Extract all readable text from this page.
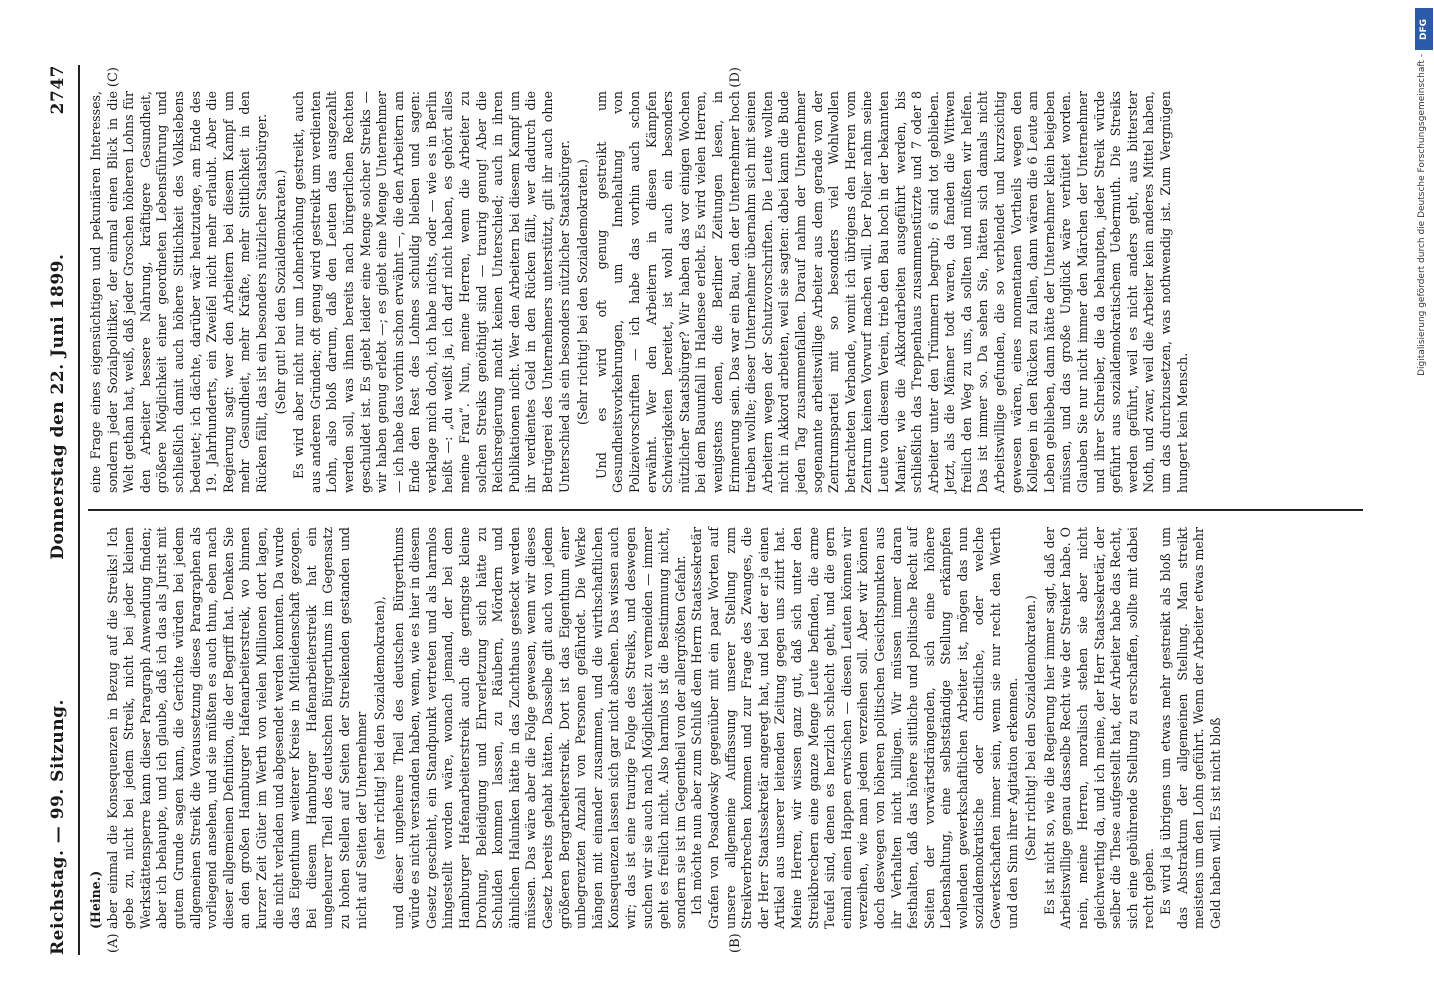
Reichstag. — 99. Sitzung.
Donnerstag den 22. Juni 1899.
2747
(A)	(B)
(Heine.) aber einmal die Konsequenzen in Bezug auf die Streiks! Ich gebe zu, nicht bei jedem Streik, nicht bei jeder kleinen Werkstättensperre kann dieser Paragraph Anwendung finden; aber ich behaupte, und ich glaube, daß ich das als Jurist mit gutem Grunde sagen kann, die Gerichte würden bei jedem allgemeinen Streik die Voraussetzung dieses Paragraphen als vorliegend ansehen, und sie müßten es auch thun, eben nach dieser allgemeinen Definition, die der Begriff hat. Denken Sie an den großen Hamburger Hafenarbeiterstreik, wo binnen kurzer Zeit Güter im Werth von vielen Millionen dort lagen, die nicht verladen und abgesendet werden konnten. Da wurde das Eigenthum weiterer Kreise in Mitleidenschaft gezogen. Bei diesem Hamburger Hafenarbeiterstreik hat ein ungeheurer Theil des deutschen Bürgerthums im Gegensatz zu hohen Stellen auf Seiten der Streikenden gestanden und nicht auf Seiten der Unternehmer (sehr richtig! bei den Sozialdemokraten), und dieser ungeheure Theil des deutschen Bürgerthums würde es nicht verstanden haben, wenn, wie es hier in diesem Gesetz geschieht, ein Standpunkt vertreten und als harmlos hingestellt worden wäre, wonach jemand, der bei dem Hamburger Hafenarbeiterstreik auch die geringste kleine Drohung, Beleidigung und Ehrverletzung sich hätte zu Schulden kommen lassen, zu Räubern, Mördern und ähnlichen Halunken hätte in das Zuchthaus gesteckt werden müssen. Das wäre aber die Folge gewesen, wenn wir dieses Gesetz bereits gehabt hätten. Dasselbe gilt auch von jedem größeren Bergarbeiterstreik. Dort ist das Eigenthum einer unbegrenzten Anzahl von Personen gefährdet. Die Werke hängen mit einander zusammen, und die wirthschaftlichen Konsequenzen lassen sich gar nicht absehen. Das wissen auch wir; das ist eine traurige Folge des Streiks, und deswegen suchen wir sie auch nach Möglichkeit zu vermeiden — immer geht es freilich nicht. Also harmlos ist die Bestimmung nicht, sondern sie ist im Gegentheil von der allergrößten Gefahr. Ich möchte nun aber zum Schluß dem Herrn Staatssekretär Grafen von Posadowsky gegenüber mit ein paar Worten auf unsere allgemeine Auffassung unserer Stellung zum Streikverbrechen kommen und zur Frage des Zwanges, die der Herr Staatssekretär angeregt hat, und bei der er ja einen Artikel aus unserer leitenden Zeitung gegen uns zitirt hat. Meine Herren, wir wissen ganz gut, daß sich unter den Streikbrechern eine ganze Menge Leute befinden, die arme Teufel sind, denen es herzlich schlecht geht, und die gern einmal einen Happen erwischen — diesen Leuten können wir verzeihen, wie man jedem verzeihen soll. Aber wir können doch deswegen von höheren politischen Gesichtspunkten aus ihr Verhalten nicht billigen. Wir müssen immer daran festhalten, daß das höhere sittliche und politische Recht auf Seiten der vorwärtsdrängenden, sich eine höhere Lebenshaltung, eine selbstständige Stellung erkämpfen wollenden gewerkschaftlichen Arbeiter ist, mögen das nun sozialdemokratische oder christliche, oder welche Gewerkschaften immer sein, wenn sie nur recht den Werth und den Sinn ihrer Agitation erkennen. (Sehr richtig! bei den Sozialdemokraten.) Es ist nicht so, wie die Regierung hier immer sagt, daß der Arbeitswillige genau dasselbe Recht wie der Streiker habe. O nein, meine Herren, moralisch stehen sie aber nicht gleichwerthig da, und ich meine, der Herr Staatssekretär, der selber die These aufgestellt hat, der Arbeiter habe das Recht, sich eine gebührende Stellung zu erschaffen, sollte mit dabei recht geben. Es wird ja übrigens um etwas mehr gestreikt als bloß um das Abstraktum der allgemeinen Stellung. Man streikt meistens um den Lohn geführt. Wenn der Arbeiter etwas mehr Geld haben will. Es ist nicht bloß

(C)	(D)

eine Frage eines eigensüchtigen und pekuniären Interesses, sondern jeder Sozialpolitiker, der einmal einen Blick in die Welt gethan hat, weiß, daß jeder Groschen höheren Lohns für den Arbeiter bessere Nahrung, kräftigere Gesundheit, größere Möglichkeit einer geordneten Lebensführung und schließlich damit auch höhere Sittlichkeit des Volkslebens bedeutet; ich dächte, darüber wär heutzutage, am Ende des 19. Jahrhunderts, ein Zweifel nicht mehr erlaubt. Aber die Regierung sagt: wer den Arbeitern bei diesem Kampf um mehr Gesundheit, mehr Kräfte, mehr Sittlichkeit in den Rücken fällt, das ist ein besonders nützlicher Staatsbürger. (Sehr gut! bei den Sozialdemokraten.) Es wird aber nicht nur um Lohnerhöhung gestreikt, auch aus anderen Gründen; oft genug wird gestreikt um verdienten Lohn, also bloß darum, daß den Leuten das ausgezahlt werden soll, was ihnen bereits nach bürgerlichen Rechten geschuldet ist. Es giebt leider eine Menge solcher Streiks — wir haben genug erlebt —; es giebt eine Menge Unternehmer — ich habe das vorhin schon erwähnt —, die den Arbeitern am Ende den Rest des Lohnes schuldig bleiben und sagen: verklage mich doch, ich habe nichts, oder — wie es in Berlin heißt —: „du weißt ja, ich darf nicht haben, es gehört alles meine Frau“. Nun, meine Herren, wenn die Arbeiter zu solchen Streiks genöthigt sind — traurig genug! Aber die Reichsregierung macht keinen Unterschied; auch in ihren Publikationen nicht. Wer den Arbeitern bei diesem Kampf um ihr verdientes Geld in den Rücken fällt, wer dadurch die Betrügerei des Unternehmers unterstützt, gilt ihr auch ohne Unterschied als ein besonders nützlicher Staatsbürger. (Sehr richtig! bei den Sozialdemokraten.) Und es wird oft genug gestreikt um Gesundheitsvorkehrungen, um Innehaltung von Polizeivorschriften — ich habe das vorhin auch schon erwähnt. Wer den Arbeitern in diesen Kämpfen Schwierigkeiten bereitet, ist wohl auch ein besonders nützlicher Staatsbürger? Wir haben das vor einigen Wochen bei dem Bauunfall in Halensee erlebt. Es wird vielen Herren, wenigstens denen, die Berliner Zeitungen lesen, in Erinnerung sein. Das war ein Bau, den der Unternehmer hoch treiben wollte; dieser Unternehmer übernahm sich mit seinen Arbeitern wegen der Schutzvorschriften. Die Leute wollten nicht in Akkord arbeiten, weil sie sagten: dabei kann die Bude jeden Tag zusammenfallen. Darauf nahm der Unternehmer sogenannte arbeitswillige Arbeiter aus dem gerade von der Zentrumspartei mit so besonders viel Wohlwollen betrachteten Verbande, womit ich übrigens den Herren vom Zentrum keinen Vorwurf machen will. Der Polier nahm seine Leute von diesem Verein, trieb den Bau hoch in der bekannten Manier, wie die Akkordarbeiten ausgeführt werden, bis schließlich das Treppenhaus zusammenstürzte und 7 oder 8 Arbeiter unter den Trümmern begrub; 6 sind tot geblieben. Jetzt, als die Männer todt waren, da fanden die Wittwen freilich den Weg zu uns, da sollten und müßten wir helfen. Das ist immer so. Da sehen Sie, hätten sich damals nicht Arbeitswillige gefunden, die so verblendet und kurzsichtig gewesen wären, eines momentanen Vortheils wegen den Kollegen in den Rücken zu fallen, dann wären die 6 Leute am Leben geblieben, dann hätte der Unternehmer klein beigeben müssen, und das große Unglück wäre verhütet worden. Glauben Sie nur nicht immer den Märchen der Unternehmer und ihrer Schreiber, die da behaupten, jeder Streik würde geführt aus sozialdemokratischem Uebermuth. Die Streiks werden geführt, weil es nicht anders geht, aus bitterster Noth, und zwar, weil die Arbeiter kein anderes Mittel haben, um das durchzusetzen, was nothwendig ist. Zum Vergnügen hungert kein Mensch.

DFG
Digitalisierung gefördert durch die Deutsche Forschungsgemeinschaft -
